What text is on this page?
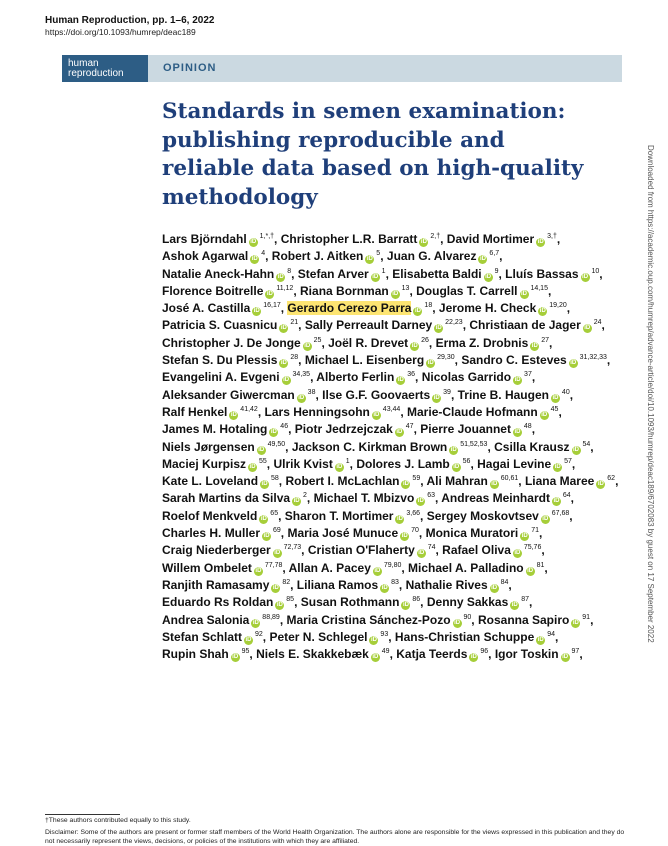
Human Reproduction, pp. 1–6, 2022
https://doi.org/10.1093/humrep/deac189
human
reproduction	OPINION
Standards in semen examination: publishing reproducible and reliable data based on high-quality methodology
Lars Björndahl iD $^{1,*,\dagger}$, Christopher L.R. Barratt iD $^{2,\dagger}$, David Mortimer iD $^{3,\dagger}$, Ashok Agarwal iD $^4$, Robert J. Aitken iD $^5$, Juan G. Alvarez iD $^{6,7}$, Natalie Aneck-Hahn iD $^8$, Stefan Arver iD $^1$, Elisabetta Baldi iD $^9$, Lluís Bassas iD $^{10}$, Florence Boitrelle iD $^{11,12}$, Riana Bornman iD $^{13}$, Douglas T. Carrell iD $^{14,15}$, José A. Castilla iD $^{16,17}$, Gerardo Cerezo Parra iD $^{18}$, Jerome H. Check iD $^{19,20}$, Patricia S. Cuasnicu iD $^{21}$, Sally Perreault Darney iD $^{22,23}$, Christiaan de Jager iD $^{24}$, Christopher J. De Jonge iD $^{25}$, Joël R. Drevet iD $^{26}$, Erma Z. Drobnis iD $^{27}$, Stefan S. Du Plessis iD $^{28}$, Michael L. Eisenberg iD $^{29,30}$, Sandro C. Esteves iD $^{31,32,33}$, Evangelini A. Evgeni iD $^{34,35}$, Alberto Ferlin iD $^{36}$, Nicolas Garrido iD $^{37}$, Aleksander Giwercman iD $^{38}$, Ilse G.F. Goovaerts iD $^{39}$, Trine B. Haugen iD $^{40}$, Ralf Henkel iD $^{41,42}$, Lars Henningsohn iD $^{43,44}$, Marie-Claude Hofmann iD $^{45}$, James M. Hotaling iD $^{46}$, Piotr Jedrzejczak iD $^{47}$, Pierre Jouannet iD $^{48}$, Niels Jørgensen iD $^{49,50}$, Jackson C. Kirkman Brown iD $^{51,52,53}$, Csilla Krausz iD $^{54}$, Maciej Kurpisz iD $^{55}$, Ulrik Kvist iD $^1$, Dolores J. Lamb iD $^{56}$, Hagai Levine iD $^{57}$, Kate L. Loveland iD $^{58}$, Robert I. McLachlan iD $^{59}$, Ali Mahran iD $^{60,61}$, Liana Maree iD $^{62}$, Sarah Martins da Silva iD $^2$, Michael T. Mbizvo iD $^{63}$, Andreas Meinhardt iD $^{64}$, Roelof Menkveld iD $^{65}$, Sharon T. Mortimer iD $^{3,66}$, Sergey Moskovtsev iD $^{67,68}$, Charles H. Muller iD $^{69}$, Maria José Munuce iD $^{70}$, Monica Muratori iD $^{71}$, Craig Niederberger iD $^{72,73}$, Cristian O'Flaherty iD $^{74}$, Rafael Oliva iD $^{75,76}$, Willem Ombelet iD $^{77,78}$, Allan A. Pacey iD $^{79,80}$, Michael A. Palladino iD $^{81}$, Ranjith Ramasamy iD $^{82}$, Liliana Ramos iD $^{83}$, Nathalie Rives iD $^{84}$, Eduardo Rs Roldan iD $^{85}$, Susan Rothmann iD $^{86}$, Denny Sakkas iD $^{87}$, Andrea Salonia iD $^{88,89}$, Maria Cristina Sánchez-Pozo iD $^{90}$, Rosanna Sapiro iD $^{91}$, Stefan Schlatt iD $^{92}$, Peter N. Schlegel iD $^{93}$, Hans-Christian Schuppe iD $^{94}$, Rupin Shah iD $^{95}$, Niels E. Skakkebæk iD $^{49}$, Katja Teerds iD $^{96}$, Igor Toskin iD $^{97}$,
Downloaded from https://academic.oup.com/humrep/advance-article/doi/10.1093/humrep/deac189/6702083 by guest on 17 September 2022
†These authors contributed equally to this study.
Disclaimer: Some of the authors are present or former staff members of the World Health Organization. The authors alone are responsible for the views expressed in this publication and they do not necessarily represent the views, decisions, or policies of the institutions with which they are affiliated.
